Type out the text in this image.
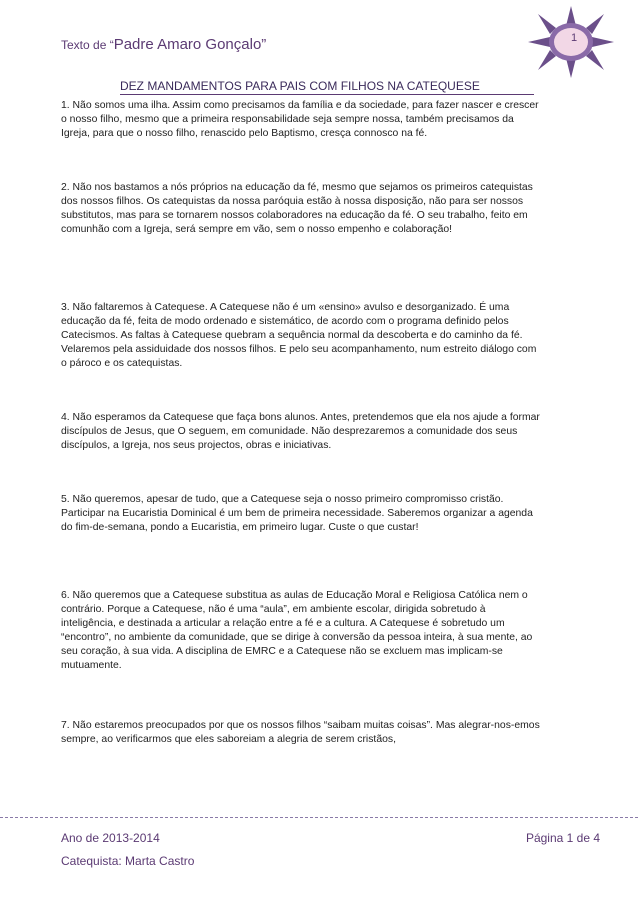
Texto de “Padre Amaro Gonçalo”	1
DEZ MANDAMENTOS PARA PAIS COM FILHOS NA CATEQUESE

1. Não somos uma ilha. Assim como precisamos da família e da sociedade, para fazer nascer e crescer o nosso filho, mesmo que a primeira responsabilidade seja sempre nossa, também precisamos da Igreja, para que o nosso filho, renascido pelo Baptismo, cresça connosco na fé.

2. Não nos bastamos a nós próprios na educação da fé, mesmo que sejamos os primeiros catequistas dos nossos filhos. Os catequistas da nossa paróquia estão à nossa disposição, não para ser nossos substitutos, mas para se tornarem nossos colaboradores na educação da fé. O seu trabalho, feito em comunhão com a Igreja, será sempre em vão, sem o nosso empenho e colaboração!

3. Não faltaremos à Catequese. A Catequese não é um «ensino» avulso e desorganizado. É uma educação da fé, feita de modo ordenado e sistemático, de acordo com o programa definido pelos Catecismos. As faltas à Catequese quebram a sequência normal da descoberta e do caminho da fé. Velaremos pela assiduidade dos nossos filhos. E pelo seu acompanhamento, num estreito diálogo com o pároco e os catequistas.

4. Não esperamos da Catequese que faça bons alunos. Antes, pretendemos que ela nos ajude a formar discípulos de Jesus, que O seguem, em comunidade. Não desprezaremos a comunidade dos seus discípulos, a Igreja, nos seus projectos, obras e iniciativas.

5. Não queremos, apesar de tudo, que a Catequese seja o nosso primeiro compromisso cristão. Participar na Eucaristia Dominical é um bem de primeira necessidade. Saberemos organizar a agenda do fim-de-semana, pondo a Eucaristia, em primeiro lugar. Custe o que custar!

6. Não queremos que a Catequese substitua as aulas de Educação Moral e Religiosa Católica nem o contrário. Porque a Catequese, não é uma “aula”, em ambiente escolar, dirigida sobretudo à inteligência, e destinada a articular a relação entre a fé e a cultura. A Catequese é sobretudo um “encontro”, no ambiente da comunidade, que se dirige à conversão da pessoa inteira, à sua mente, ao seu coração, à sua vida. A disciplina de EMRC e a Catequese não se excluem mas implicam-se mutuamente.

7. Não estaremos preocupados por que os nossos filhos “saibam muitas coisas”. Mas alegrar-nos-emos sempre, ao verificarmos que eles saboreiam a alegria de serem cristãos,

Ano de 2013-2014	Página 1 de 4
Catequista: Marta Castro
